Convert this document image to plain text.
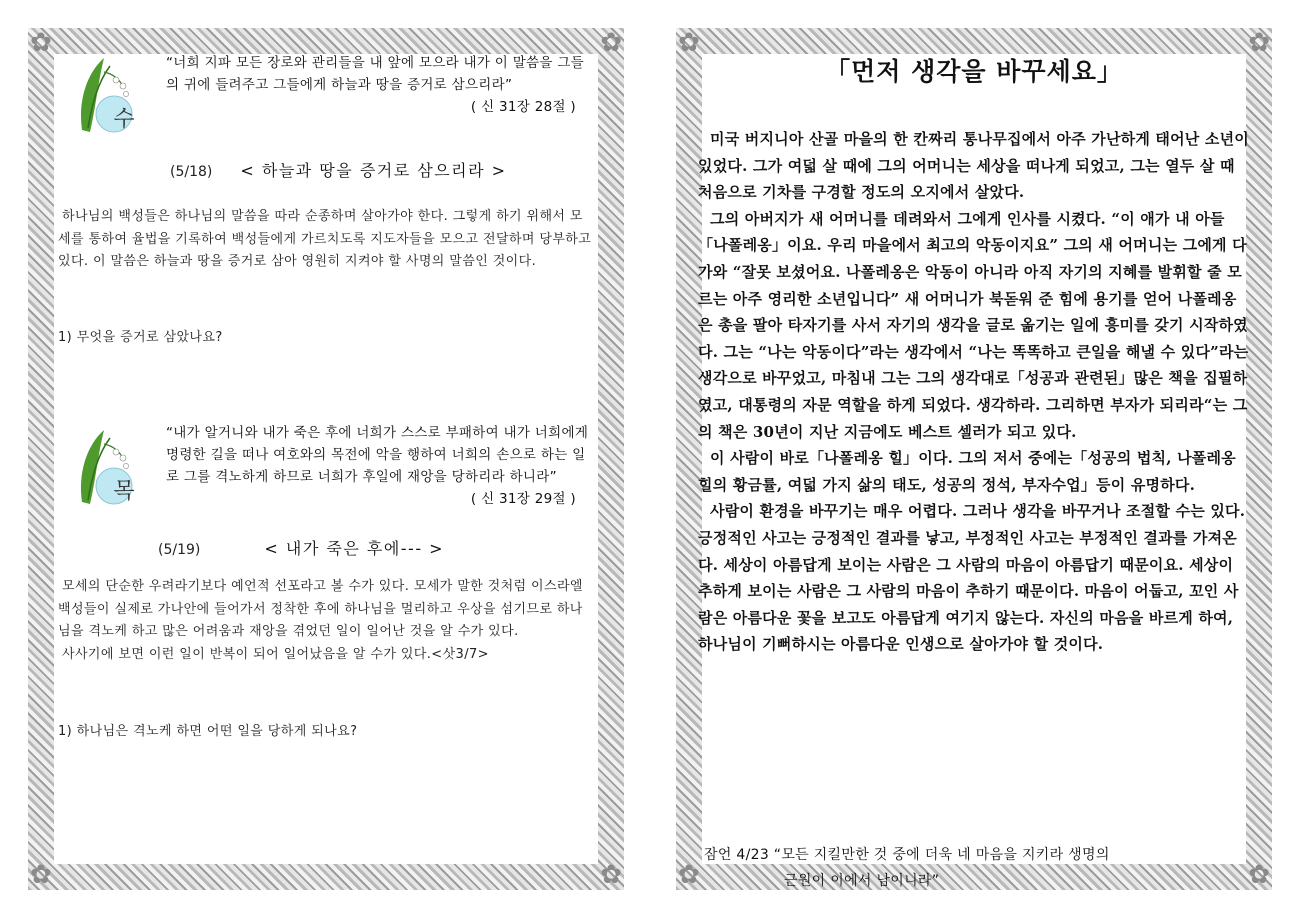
✿	✿
✿	✿
수
“너희 지파 모든 장로와 관리들을 내 앞에 모으라 내가 이 말씀을 그들의 귀에 들려주고 그들에게 하늘과 땅을 증거로 삼으리라”
( 신 31장 28절 )
(5/18) < 하늘과 땅을 증거로 삼으리라 >

하나님의 백성들은 하나님의 말씀을 따라 순종하며 살아가야 한다. 그렇게 하기 위해서 모세를 통하여 율법을 기록하여 백성들에게 가르치도록 지도자들을 모으고 전달하며 당부하고 있다. 이 말씀은 하늘과 땅을 증거로 삼아 영원히 지켜야 할 사명의 말씀인 것이다.

1) 무엇을 증거로 삼았나요?
목
“내가 알거니와 내가 죽은 후에 너희가 스스로 부패하여 내가 너희에게 명령한 길을 떠나 여호와의 목전에 악을 행하여 너희의 손으로 하는 일로 그를 격노하게 하므로 너희가 후일에 재앙을 당하리라 하니라”
( 신 31장 29절 )
(5/19)	< 내가 죽은 후에--- >

모세의 단순한 우려라기보다 예언적 선포라고 볼 수가 있다. 모세가 말한 것처럼 이스라엘 백성들이 실제로 가나안에 들어가서 정착한 후에 하나님을 멀리하고 우상을 섬기므로 하나님을 격노케 하고 많은 어려움과 재앙을 겪었던 일이 일어난 것을 알 수가 있다.

사사기에 보면 이런 일이 반복이 되어 일어났음을 알 수가 있다.<삿3/7>

1) 하나님은 격노케 하면 어떤 일을 당하게 되나요?
✿	✿
✿	✿
「먼저 생각을 바꾸세요」

미국 버지니아 산골 마을의 한 칸짜리 통나무집에서 아주 가난하게 태어난 소년이 있었다. 그가 여덟 살 때에 그의 어머니는 세상을 떠나게 되었고, 그는 열두 살 때 처음으로 기차를 구경할 정도의 오지에서 살았다.

그의 아버지가 새 어머니를 데려와서 그에게 인사를 시켰다. “이 애가 내 아들「나폴레옹」이요. 우리 마을에서 최고의 악동이지요” 그의 새 어머니는 그에게 다가와 “잘못 보셨어요. 나폴레옹은 악동이 아니라 아직 자기의 지혜를 발휘할 줄 모르는 아주 영리한 소년입니다” 새 어머니가 북돋워 준 힘에 용기를 얻어 나폴레옹은 총을 팔아 타자기를 사서 자기의 생각을 글로 옮기는 일에 흥미를 갖기 시작하였다. 그는 “나는 악동이다”라는 생각에서 “나는 똑똑하고 큰일을 해낼 수 있다”라는 생각으로 바꾸었고, 마침내 그는 그의 생각대로「성공과 관련된」많은 책을 집필하였고, 대통령의 자문 역할을 하게 되었다. 생각하라. 그리하면 부자가 되리라“는 그의 책은 30년이 지난 지금에도 베스트 셀러가 되고 있다.

이 사람이 바로「나폴레옹 힐」이다. 그의 저서 중에는「성공의 법칙, 나폴레옹 힐의 황금률, 여덟 가지 삶의 태도, 성공의 정석, 부자수업」등이 유명하다.

사람이 환경을 바꾸기는 매우 어렵다. 그러나 생각을 바꾸거나 조절할 수는 있다. 긍정적인 사고는 긍정적인 결과를 낳고, 부정적인 사고는 부정적인 결과를 가져온다. 세상이 아름답게 보이는 사람은 그 사람의 마음이 아름답기 때문이요. 세상이 추하게 보이는 사람은 그 사람의 마음이 추하기 때문이다. 마음이 어둡고, 꼬인 사람은 아름다운 꽃을 보고도 아름답게 여기지 않는다. 자신의 마음을 바르게 하여, 하나님이 기뻐하시는 아름다운 인생으로 살아가야 할 것이다.

잠언 4/23 “모든 지킬만한 것 중에 더욱 네 마음을 지키라 생명의
근원이 이에서 남이니라”
